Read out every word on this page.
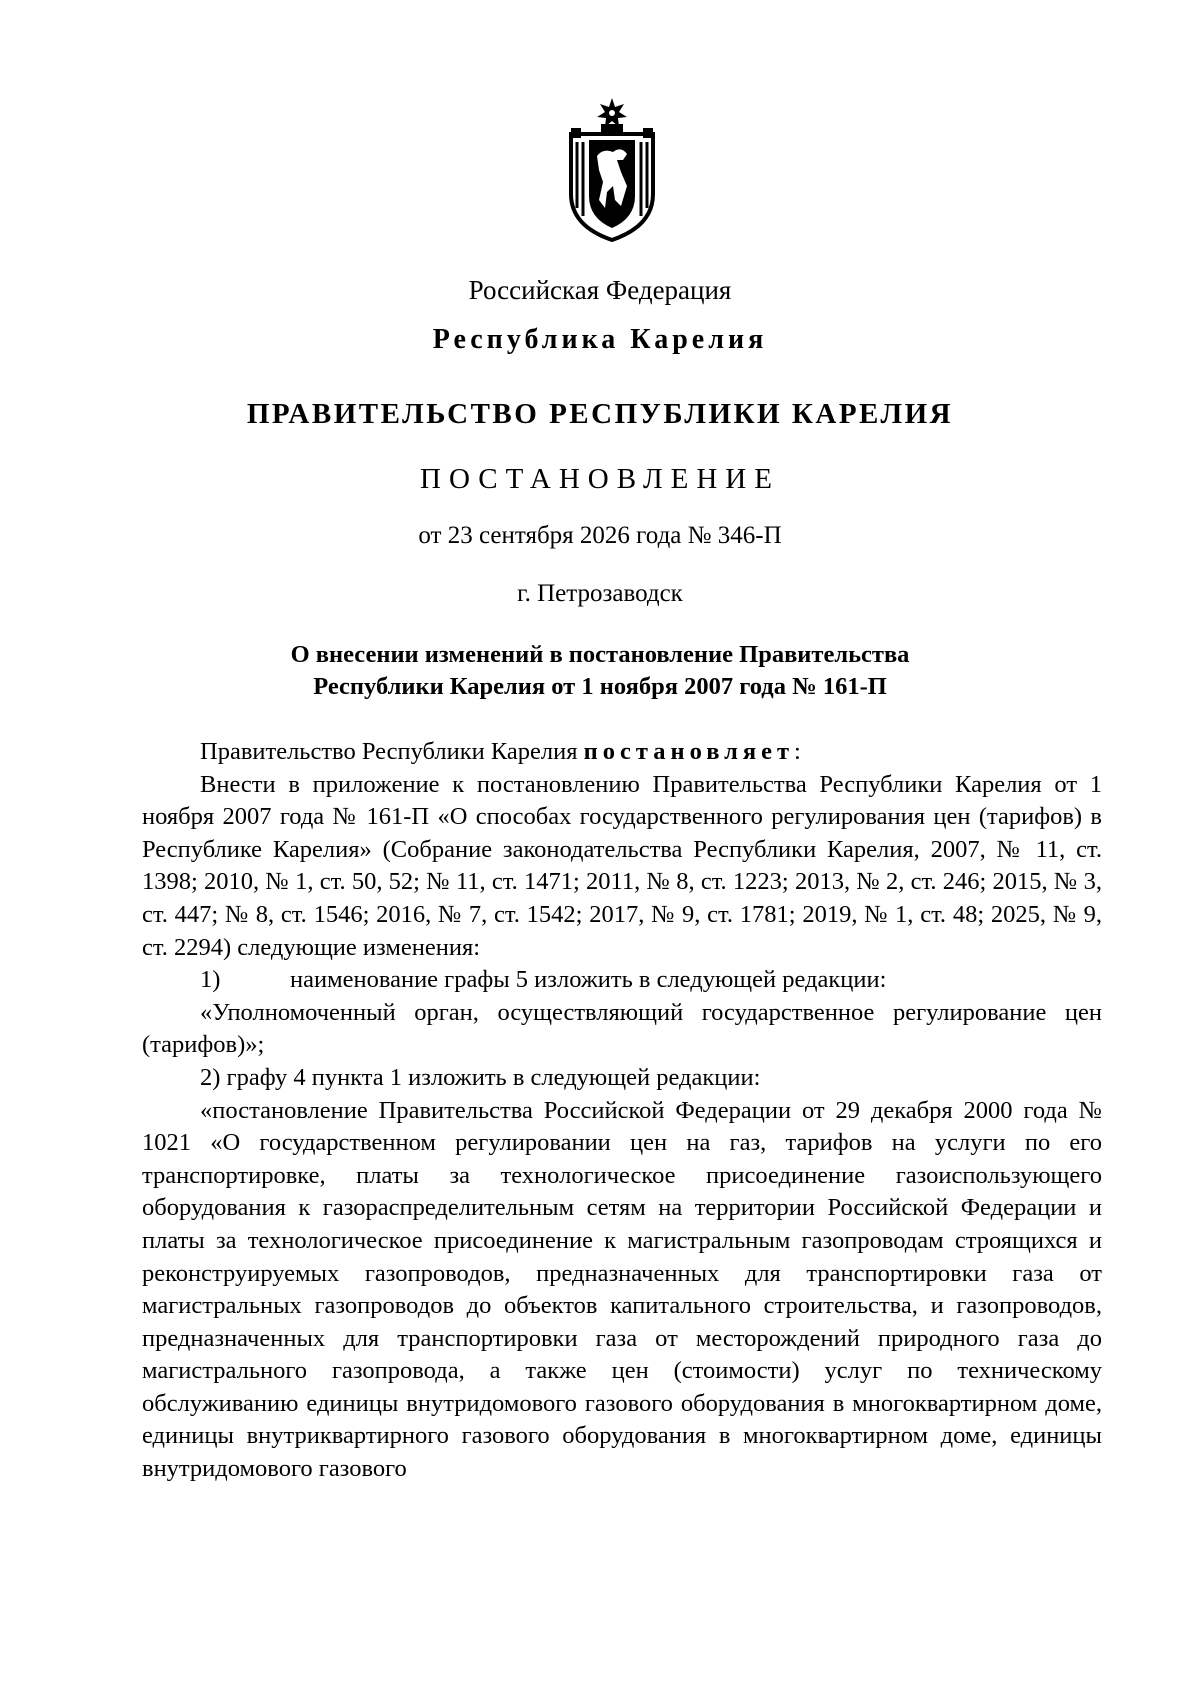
Российская Федерация
Республика Карелия
ПРАВИТЕЛЬСТВО РЕСПУБЛИКИ КАРЕЛИЯ
ПОСТАНОВЛЕНИЕ
от 23 сентября 2026 года № 346-П
г. Петрозаводск
О внесении изменений в постановление Правительства
Республики Карелия от 1 ноября 2007 года № 161-П

Правительство Республики Карелия постановляет:

Внести в приложение к постановлению Правительства Республики Карелия от 1 ноября 2007 года № 161-П «О способах государственного регулирования цен (тарифов) в Республике Карелия» (Собрание законодательства Республики Карелия, 2007, № 11, ст. 1398; 2010, № 1, ст. 50, 52; № 11, ст. 1471; 2011, № 8, ст. 1223; 2013, № 2, ст. 246; 2015, № 3, ст. 447; № 8, ст. 1546; 2016, № 7, ст. 1542; 2017, № 9, ст. 1781; 2019, № 1, ст. 48; 2025, № 9, ст. 2294) следующие изменения:

1)	наименование графы 5 изложить в следующей редакции:

«Уполномоченный орган, осуществляющий государственное регулирование цен (тарифов)»;

2) графу 4 пункта 1 изложить в следующей редакции:

«постановление Правительства Российской Федерации от 29 декабря 2000 года № 1021 «О государственном регулировании цен на газ, тарифов на услуги по его транспортировке, платы за технологическое присоединение газоиспользующего оборудования к газораспределительным сетям на территории Российской Федерации и платы за технологическое присоединение к магистральным газопроводам строящихся и реконструируемых газопроводов, предназначенных для транспортировки газа от магистральных газопроводов до объектов капитального строительства, и газопроводов, предназначенных для транспортировки газа от месторождений природного газа до магистрального газопровода, а также цен (стоимости) услуг по техническому обслуживанию единицы внутридомового газового оборудования в многоквартирном доме, единицы внутриквартирного газового оборудования в многоквартирном доме, единицы внутридомового газового
